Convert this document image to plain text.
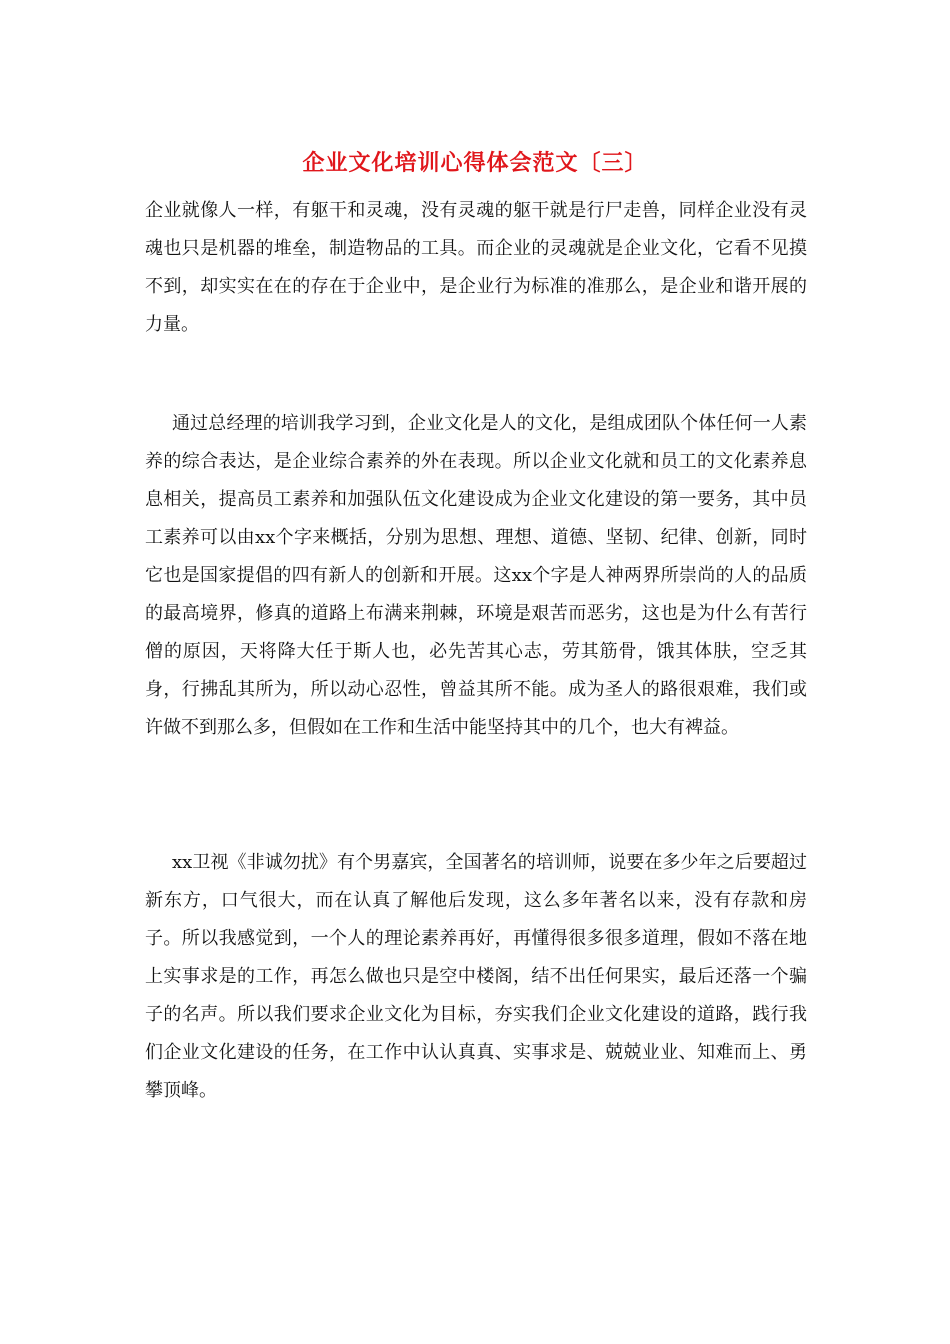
企业文化培训心得体会范文〔三〕

企业就像人一样，有躯干和灵魂，没有灵魂的躯干就是行尸走兽，同样企业没有灵魂也只是机器的堆垒，制造物品的工具。而企业的灵魂就是企业文化，它看不见摸不到，却实实在在的存在于企业中，是企业行为标准的准那么，是企业和谐开展的力量。

通过总经理的培训我学习到，企业文化是人的文化，是组成团队个体任何一人素养的综合表达，是企业综合素养的外在表现。所以企业文化就和员工的文化素养息息相关，提高员工素养和加强队伍文化建设成为企业文化建设的第一要务，其中员工素养可以由xx个字来概括，分别为思想、理想、道德、坚韧、纪律、创新，同时它也是国家提倡的四有新人的创新和开展。这xx个字是人神两界所崇尚的人的品质的最高境界，修真的道路上布满来荆棘，环境是艰苦而恶劣，这也是为什么有苦行僧的原因，天将降大任于斯人也，必先苦其心志，劳其筋骨，饿其体肤，空乏其身，行拂乱其所为，所以动心忍性，曾益其所不能。成为圣人的路很艰难，我们或许做不到那么多，但假如在工作和生活中能坚持其中的几个，也大有裨益。

xx卫视《非诚勿扰》有个男嘉宾，全国著名的培训师，说要在多少年之后要超过新东方，口气很大，而在认真了解他后发现，这么多年著名以来，没有存款和房子。所以我感觉到，一个人的理论素养再好，再懂得很多很多道理，假如不落在地上实事求是的工作，再怎么做也只是空中楼阁，结不出任何果实，最后还落一个骗子的名声。所以我们要求企业文化为目标，夯实我们企业文化建设的道路，践行我们企业文化建设的任务，在工作中认认真真、实事求是、兢兢业业、知难而上、勇攀顶峰。
